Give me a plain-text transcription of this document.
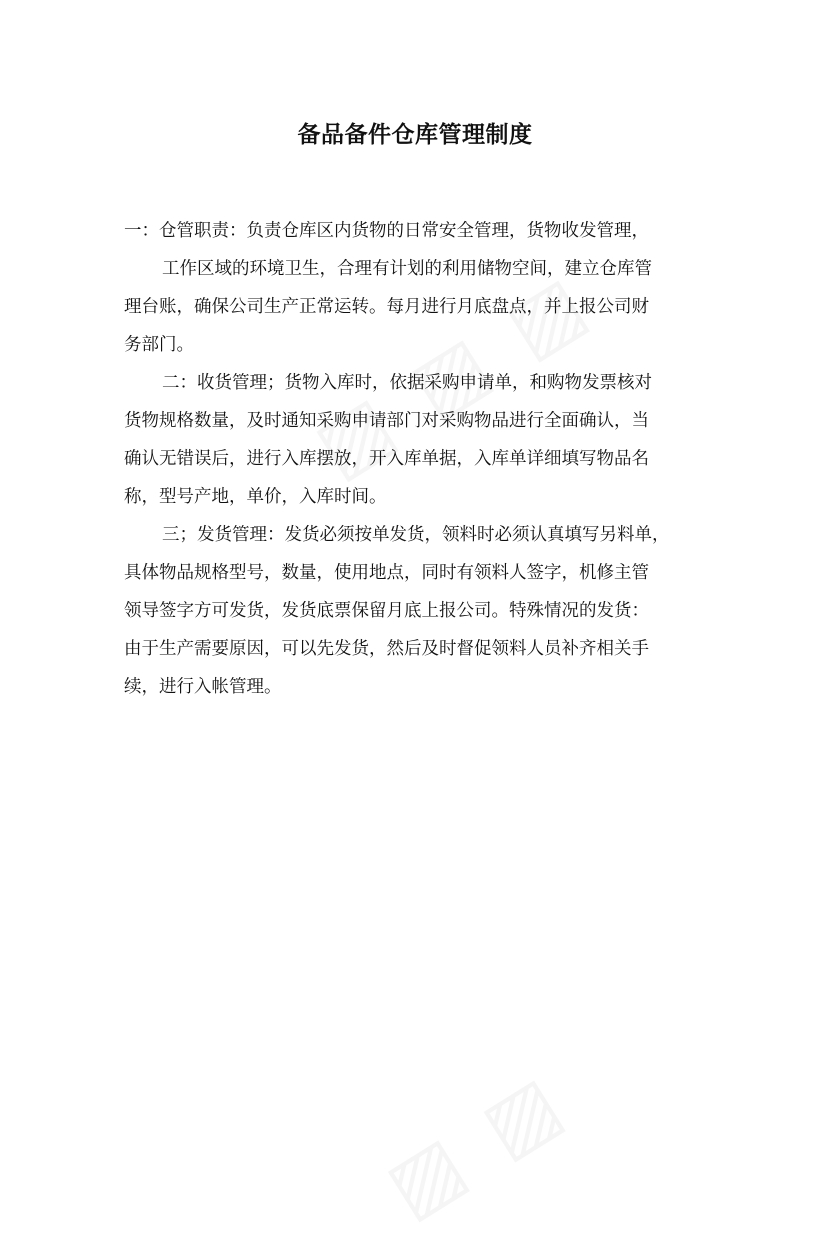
备品备件仓库管理制度
一：仓管职责：负责仓库区内货物的日常安全管理，货物收发管理，
工作区域的环境卫生，合理有计划的利用储物空间，建立仓库管
理台账，确保公司生产正常运转。每月进行月底盘点，并上报公司财
务部门。
二：收货管理；货物入库时，依据采购申请单，和购物发票核对
货物规格数量，及时通知采购申请部门对采购物品进行全面确认，当
确认无错误后，进行入库摆放，开入库单据，入库单详细填写物品名
称，型号产地，单价，入库时间。
三；发货管理：发货必须按单发货，领料时必须认真填写另料单，
具体物品规格型号，数量，使用地点，同时有领料人签字，机修主管
领导签字方可发货，发货底票保留月底上报公司。特殊情况的发货：
由于生产需要原因，可以先发货，然后及时督促领料人员补齐相关手
续，进行入帐管理。
